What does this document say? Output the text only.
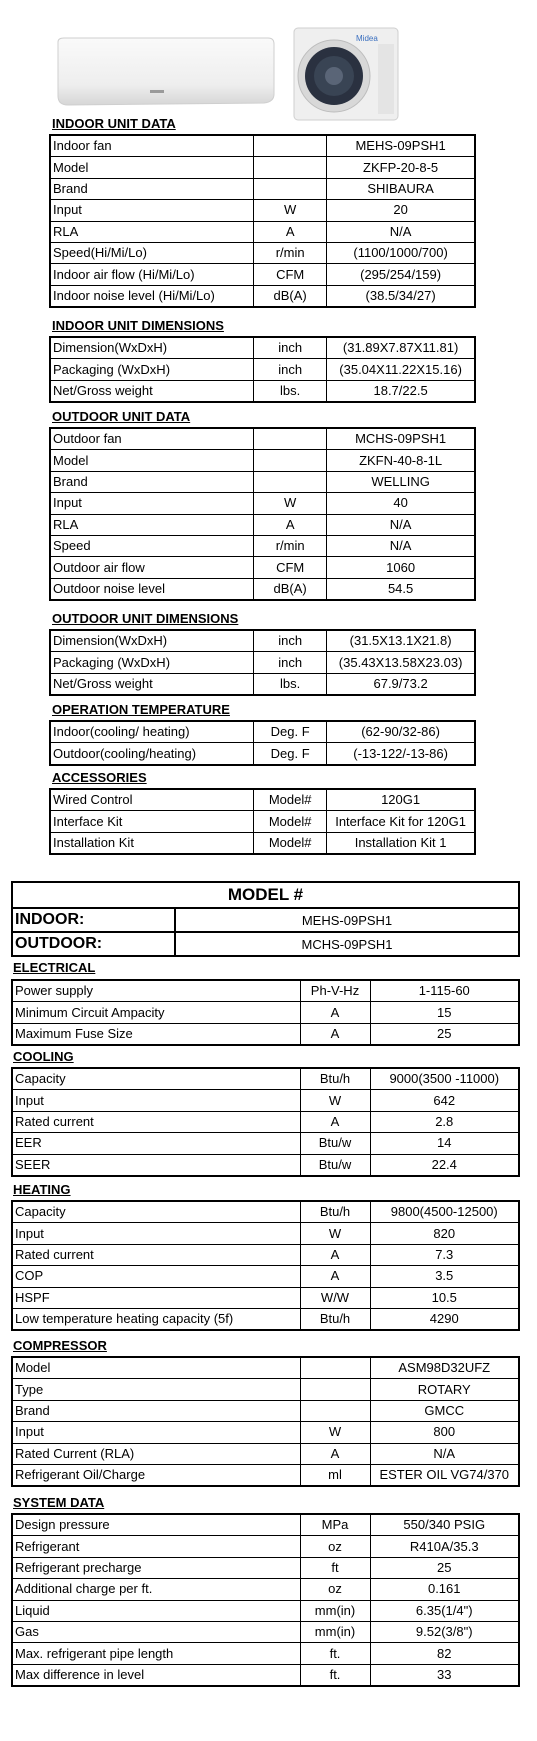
Midea
INDOOR UNIT DATA
Indoor fan		MEHS-09PSH1
Model		ZKFP-20-8-5
Brand		SHIBAURA
Input	W	20
RLA	A	N/A
Speed(Hi/Mi/Lo)	r/min	(1100/1000/700)
Indoor air flow (Hi/Mi/Lo)	CFM	(295/254/159)
Indoor noise level (Hi/Mi/Lo)	dB(A)	(38.5/34/27)
INDOOR UNIT DIMENSIONS
Dimension(WxDxH)	inch	(31.89X7.87X11.81)
Packaging (WxDxH)	inch	(35.04X11.22X15.16)
Net/Gross weight	lbs.	18.7/22.5
OUTDOOR UNIT DATA
Outdoor fan		MCHS-09PSH1
Model		ZKFN-40-8-1L
Brand		WELLING
Input	W	40
RLA	A	N/A
Speed	r/min	N/A
Outdoor air flow	CFM	1060
Outdoor noise level	dB(A)	54.5
OUTDOOR UNIT DIMENSIONS
Dimension(WxDxH)	inch	(31.5X13.1X21.8)
Packaging (WxDxH)	inch	(35.43X13.58X23.03)
Net/Gross weight	lbs.	67.9/73.2
OPERATION TEMPERATURE
Indoor(cooling/ heating)	Deg. F	(62-90/32-86)
Outdoor(cooling/heating)	Deg. F	(-13-122/-13-86)
ACCESSORIES
Wired Control	Model#	120G1
Interface Kit	Model#	Interface Kit for 120G1
Installation Kit	Model#	Installation Kit 1
MODEL #	
INDOOR:	MEHS-09PSH1
OUTDOOR:	MCHS-09PSH1
ELECTRICAL
Power supply	Ph-V-Hz	1-115-60
Minimum Circuit Ampacity	A	15
Maximum Fuse Size	A	25
COOLING
Capacity	Btu/h	9000(3500 -11000)
Input	W	642
Rated current	A	2.8
EER	Btu/w	14
SEER	Btu/w	22.4
HEATING
Capacity	Btu/h	9800(4500-12500)
Input	W	820
Rated current	A	7.3
COP	A	3.5
HSPF	W/W	10.5
Low temperature heating capacity (5f)	Btu/h	4290
COMPRESSOR
Model		ASM98D32UFZ
Type		ROTARY
Brand		GMCC
Input	W	800
Rated Current (RLA)	A	N/A
Refrigerant Oil/Charge	ml	ESTER OIL VG74/370
SYSTEM DATA
Design pressure	MPa	550/340 PSIG
Refrigerant	oz	R410A/35.3
Refrigerant precharge	ft	25
Additional charge per ft.	oz	0.161
Liquid	mm(in)	6.35(1/4")
Gas	mm(in)	9.52(3/8")
Max. refrigerant pipe length	ft.	82
Max difference in level	ft.	33
